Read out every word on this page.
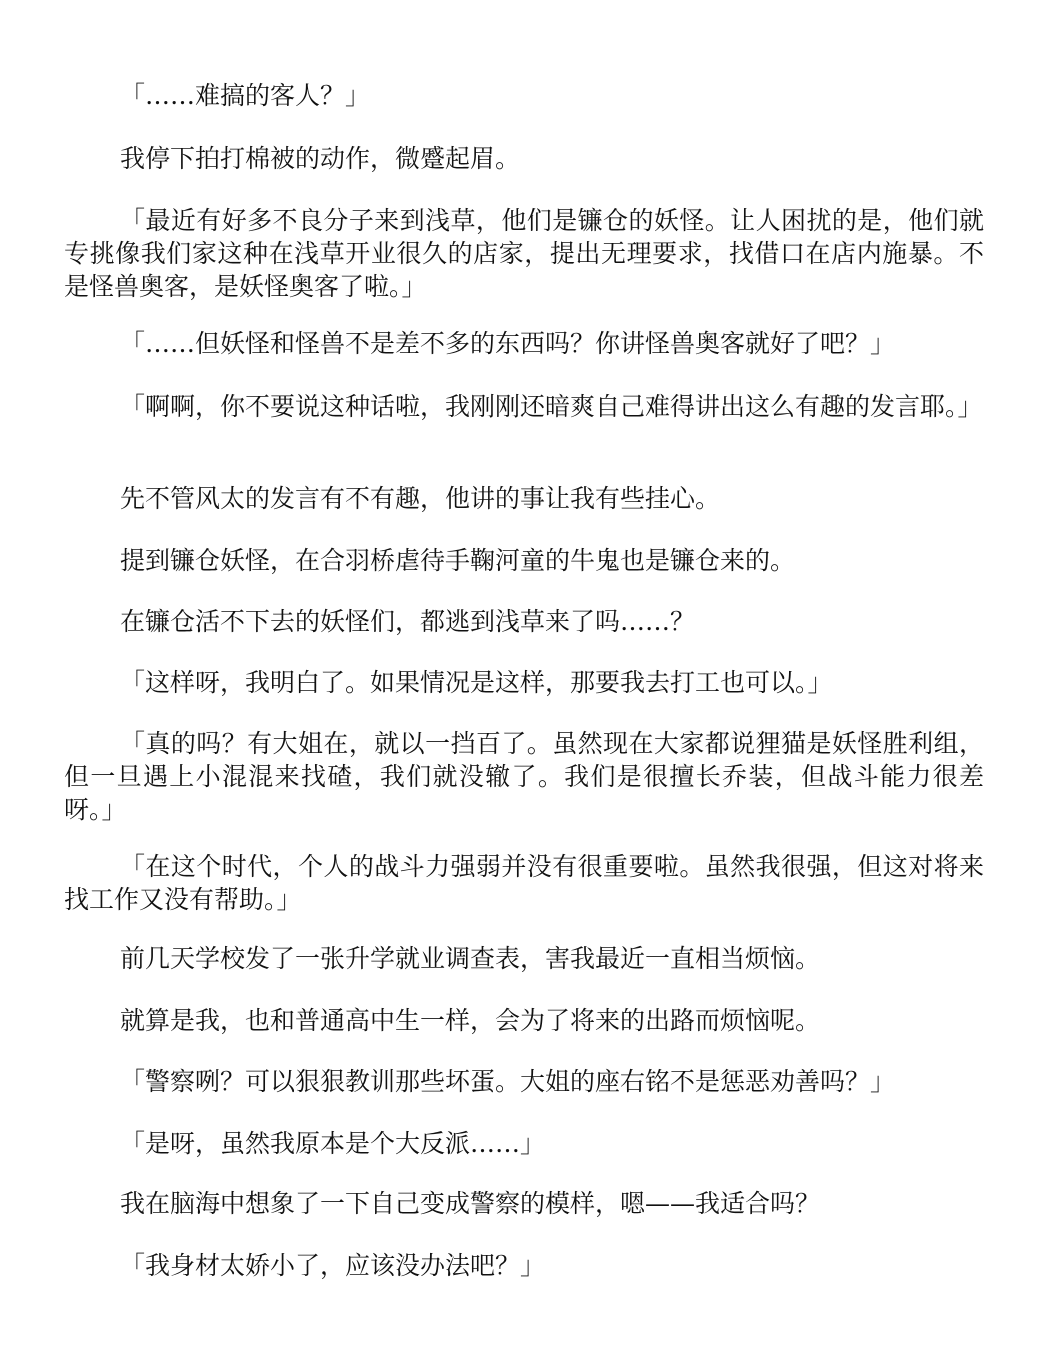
「……难搞的客人？」

我停下拍打棉被的动作，微蹙起眉。

「最近有好多不良分子来到浅草，他们是镰仓的妖怪。让人困扰的是，他们就专挑像我们家这种在浅草开业很久的店家，提出无理要求，找借口在店内施暴。不是怪兽奥客，是妖怪奥客了啦。」

「……但妖怪和怪兽不是差不多的东西吗？你讲怪兽奥客就好了吧？」

「啊啊，你不要说这种话啦，我刚刚还暗爽自己难得讲出这么有趣的发言耶。」

先不管风太的发言有不有趣，他讲的事让我有些挂心。

提到镰仓妖怪，在合羽桥虐待手鞠河童的牛鬼也是镰仓来的。

在镰仓活不下去的妖怪们，都逃到浅草来了吗……？

「这样呀，我明白了。如果情况是这样，那要我去打工也可以。」

「真的吗？有大姐在，就以一挡百了。虽然现在大家都说狸猫是妖怪胜利组，但一旦遇上小混混来找碴，我们就没辙了。我们是很擅长乔装，但战斗能力很差呀。」

「在这个时代，个人的战斗力强弱并没有很重要啦。虽然我很强，但这对将来找工作又没有帮助。」

前几天学校发了一张升学就业调查表，害我最近一直相当烦恼。

就算是我，也和普通高中生一样，会为了将来的出路而烦恼呢。

「警察咧？可以狠狠教训那些坏蛋。大姐的座右铭不是惩恶劝善吗？」

「是呀，虽然我原本是个大反派……」

我在脑海中想象了一下自己变成警察的模样，嗯——我适合吗？

「我身材太娇小了，应该没办法吧？」
